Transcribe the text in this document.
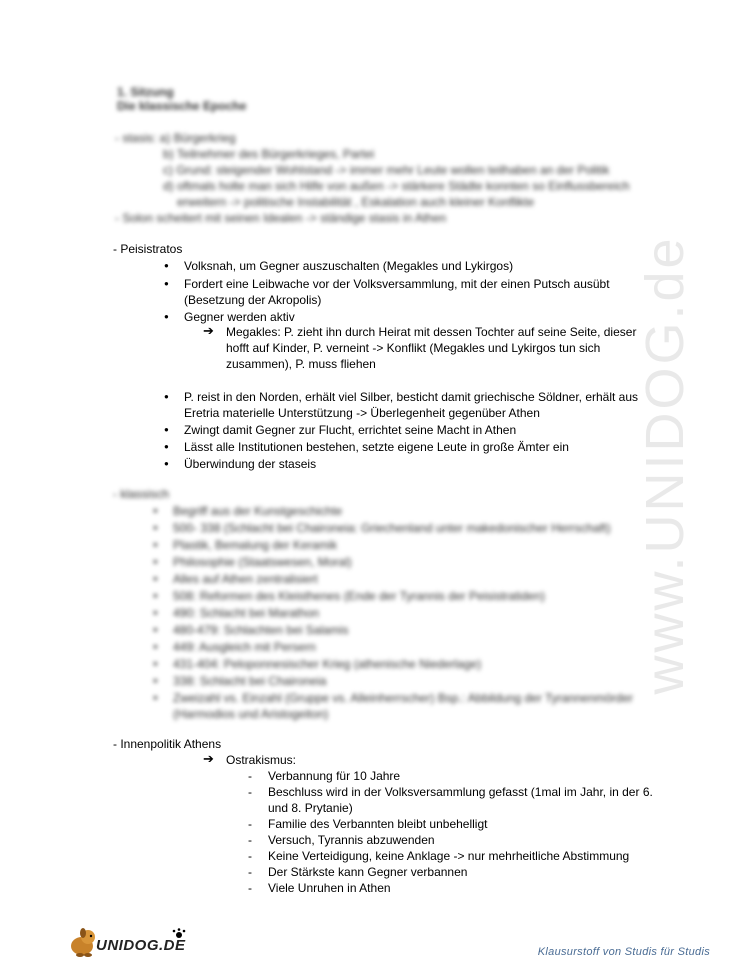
www.UNIDOG.de
1. Sitzung
Die klassische Epoche
- stasis: a) Bürgerkrieg
b) Teilnehmer des Bürgerkrieges, Partei
c) Grund: steigender Wohlstand -> immer mehr Leute wollen teilhaben an der Politik
d) oftmals holte man sich Hilfe von außen -> stärkere Städte konnten so Einflussbereich
erweitern -> politische Instabilität , Eskalation auch kleiner Konflikte
- Solon scheitert mit seinen Idealen -> ständige stasis in Athen
- Peisistratos
● Volksnah, um Gegner auszuschalten (Megakles und Lykirgos)
● Fordert eine Leibwache vor der Volksversammlung, mit der einen Putsch ausübt
(Besetzung der Akropolis)
● Gegner werden aktiv
➔ Megakles: P. zieht ihn durch Heirat mit dessen Tochter auf seine Seite, dieser
hofft auf Kinder, P. verneint -> Konflikt (Megakles und Lykirgos tun sich
zusammen), P. muss fliehen
● P. reist in den Norden, erhält viel Silber, besticht damit griechische Söldner, erhält aus
Eretria materielle Unterstützung -> Überlegenheit gegenüber Athen
● Zwingt damit Gegner zur Flucht, errichtet seine Macht in Athen
● Lässt alle Institutionen bestehen, setzte eigene Leute in große Ämter ein
● Überwindung der staseis
- klassisch
● Begriff aus der Kunstgeschichte
● 500- 338 (Schlacht bei Chaironeia: Griechenland unter makedonischer Herrschaft)
● Plastik, Bemalung der Keramik
● Philosophie (Staatswesen, Moral)
● Alles auf Athen zentralisiert
● 508: Reformen des Kleisthenes (Ende der Tyrannis der Peisistratiden)
● 490: Schlacht bei Marathon
● 480-479: Schlachten bei Salamis
● 449: Ausgleich mit Persern
● 431-404: Peloponnesischer Krieg (athenische Niederlage)
● 338: Schlacht bei Chaironeia
● Zweizahl vs. Einzahl (Gruppe vs. Alleinherrscher) Bsp.: Abbildung der Tyrannenmörder
(Harmodios und Aristogeiton)
- Innenpolitik Athens
➔ Ostrakismus:
- Verbannung für 10 Jahre
- Beschluss wird in der Volksversammlung gefasst (1mal im Jahr, in der 6.
und 8. Prytanie)
- Familie des Verbannten bleibt unbehelligt
- Versuch, Tyrannis abzuwenden
- Keine Verteidigung, keine Anklage -> nur mehrheitliche Abstimmung
- Der Stärkste kann Gegner verbannen
- Viele Unruhen in Athen
UNIDOG.DE	Klausurstoff von Studis für Studis
